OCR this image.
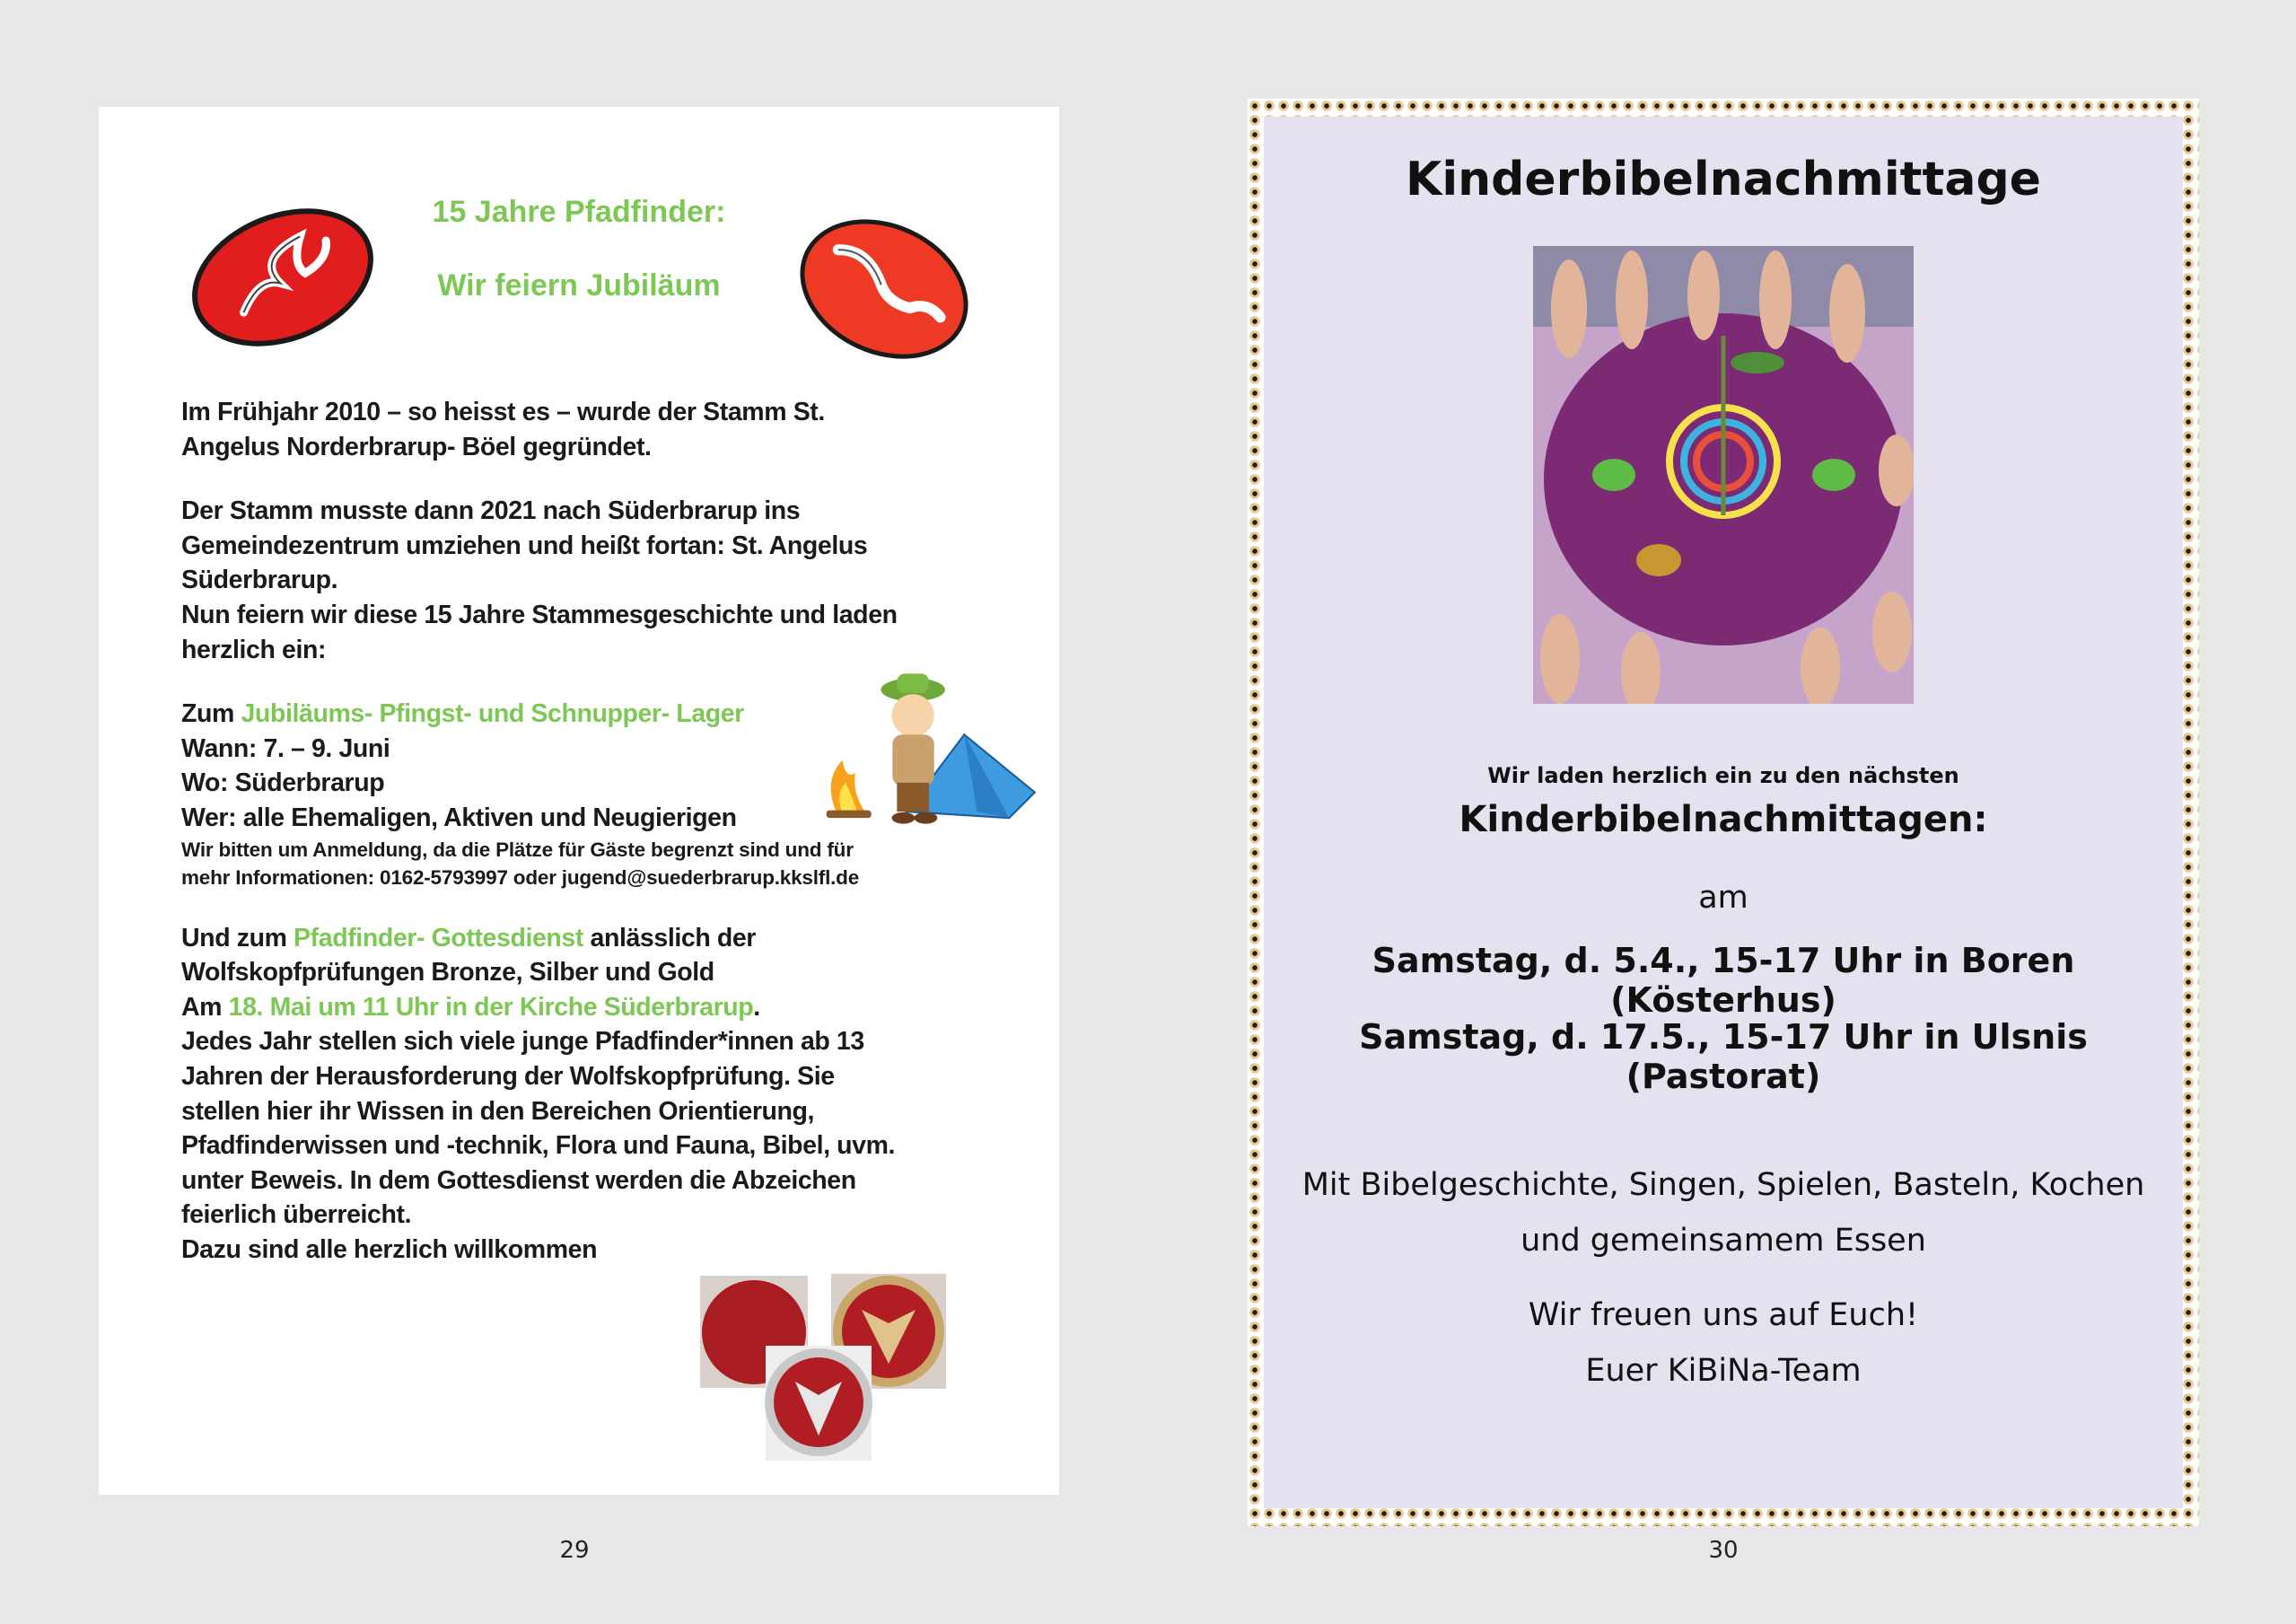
15 Jahre Pfadfinder:
Wir feiern Jubiläum
Im Frühjahr 2010 – so heisst es – wurde der Stamm St.
Angelus Norderbrarup- Böel gegründet.
Der Stamm musste dann 2021 nach Süderbrarup ins
Gemeindezentrum umziehen und heißt fortan: St. Angelus
Süderbrarup.
Nun feiern wir diese 15 Jahre Stammesgeschichte und laden
herzlich ein:
Zum Jubiläums- Pfingst- und Schnupper- Lager
Wann: 7. – 9. Juni
Wo: Süderbrarup
Wer: alle Ehemaligen, Aktiven und Neugierigen
Wir bitten um Anmeldung, da die Plätze für Gäste begrenzt sind und für
mehr Informationen: 0162-5793997 oder jugend@suederbrarup.kkslfl.de
Und zum Pfadfinder- Gottesdienst anlässlich der
Wolfskopfprüfungen Bronze, Silber und Gold
Am 18. Mai um 11 Uhr in der Kirche Süderbrarup.
Jedes Jahr stellen sich viele junge Pfadfinder*innen ab 13
Jahren der Herausforderung der Wolfskopfprüfung. Sie
stellen hier ihr Wissen in den Bereichen Orientierung,
Pfadfinderwissen und -technik, Flora und Fauna, Bibel, uvm.
unter Beweis. In dem Gottesdienst werden die Abzeichen
feierlich überreicht.
Dazu sind alle herzlich willkommen
29
Kinderbibelnachmittage
Wir laden herzlich ein zu den nächsten
Kinderbibelnachmittagen:
am
Samstag, d. 5.4., 15-17 Uhr in Boren (Kösterhus)
Samstag, d. 17.5., 15-17 Uhr in Ulsnis (Pastorat)
Mit Bibelgeschichte, Singen, Spielen, Basteln, Kochen
und gemeinsamem Essen
Wir freuen uns auf Euch!
Euer KiBiNa-Team
30
